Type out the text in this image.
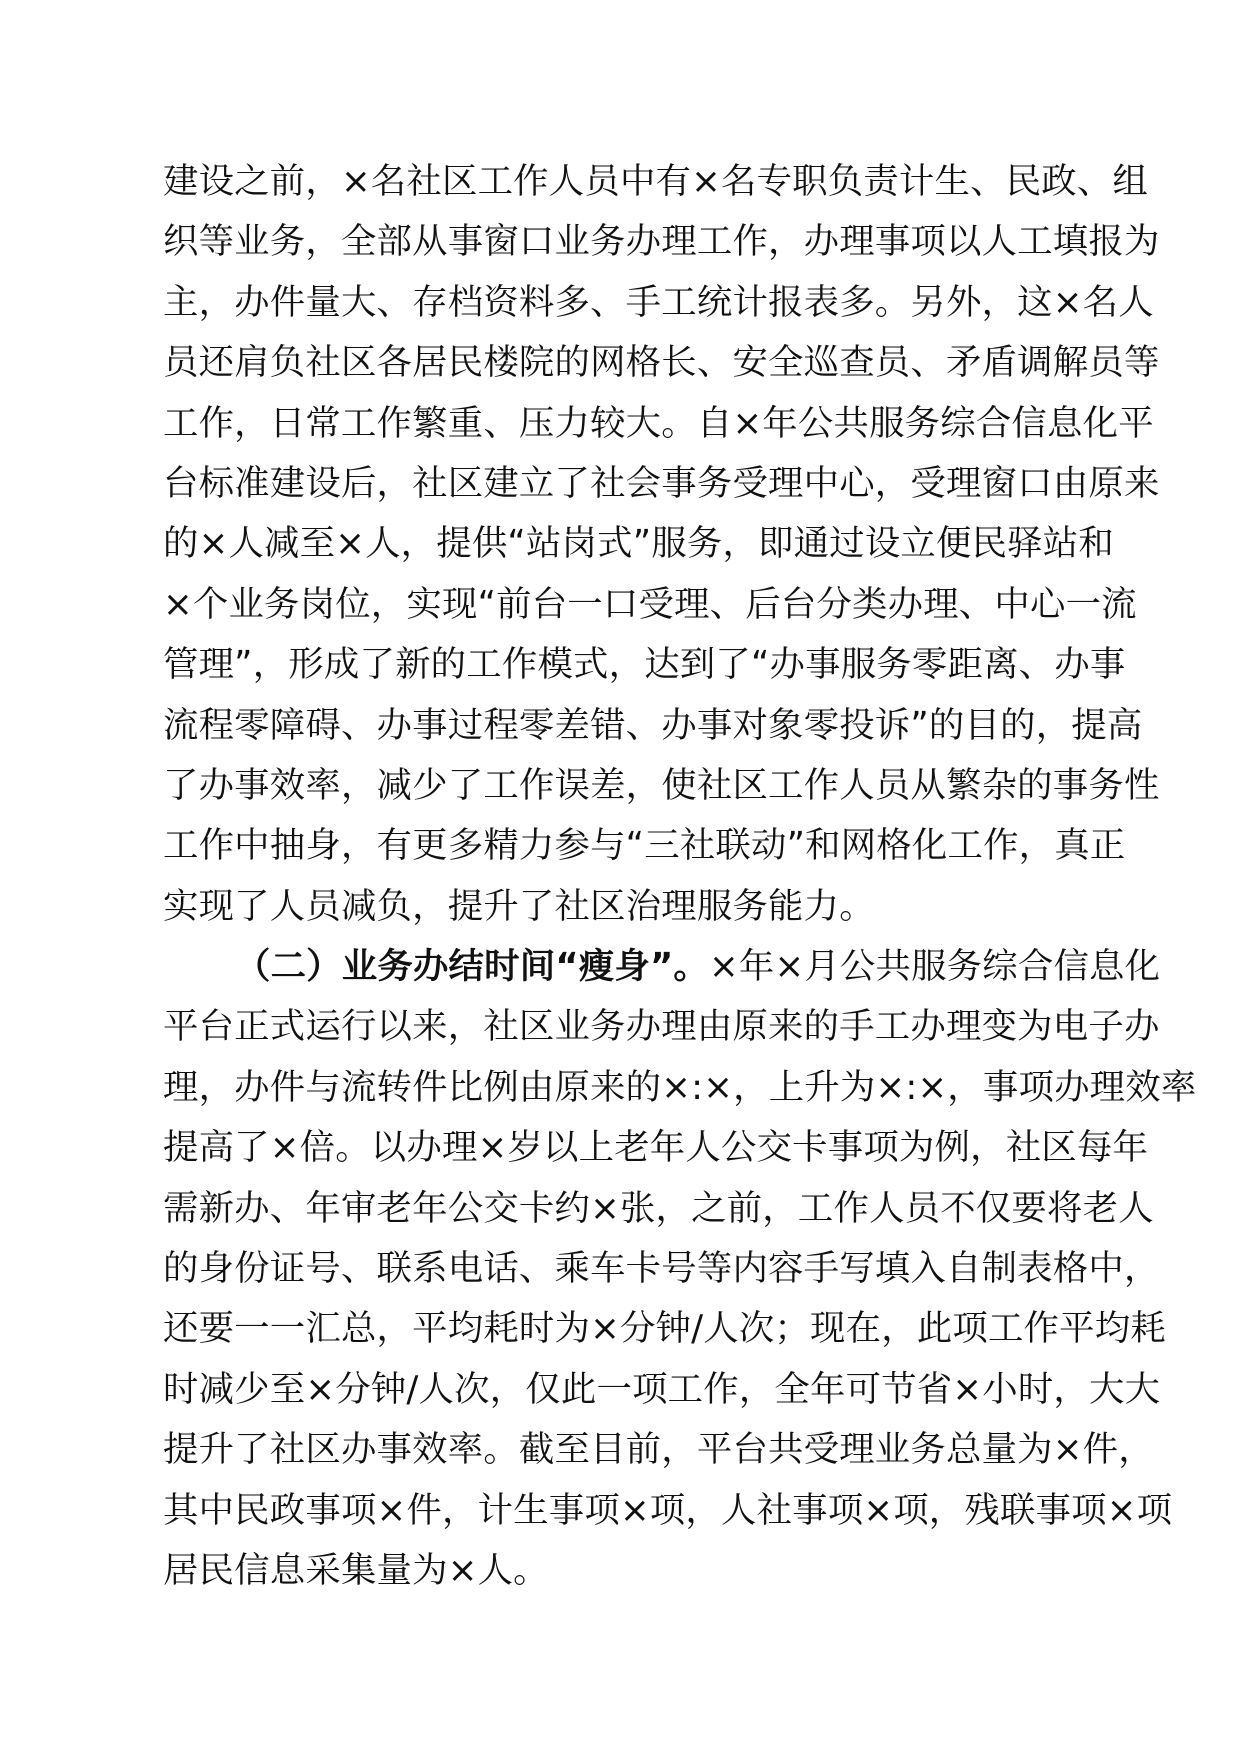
建设之前，×名社区工作人员中有×名专职负责计生、民政、组
织等业务，全部从事窗口业务办理工作，办理事项以人工填报为
主，办件量大、存档资料多、手工统计报表多。另外，这×名人
员还肩负社区各居民楼院的网格长、安全巡查员、矛盾调解员等
工作，日常工作繁重、压力较大。自×年公共服务综合信息化平
台标准建设后，社区建立了社会事务受理中心，受理窗口由原来
的×人减至×人，提供“站岗式”服务，即通过设立便民驿站和
×个业务岗位，实现“前台一口受理、后台分类办理、中心一流
管理”，形成了新的工作模式，达到了“办事服务零距离、办事
流程零障碍、办事过程零差错、办事对象零投诉”的目的，提高
了办事效率，减少了工作误差，使社区工作人员从繁杂的事务性
工作中抽身，有更多精力参与“三社联动”和网格化工作，真正
实现了人员减负，提升了社区治理服务能力。
（二）业务办结时间“瘦身”。×年×月公共服务综合信息化
平台正式运行以来，社区业务办理由原来的手工办理变为电子办
理，办件与流转件比例由原来的×:×，上升为×:×，事项办理效率
提高了×倍。以办理×岁以上老年人公交卡事项为例，社区每年
需新办、年审老年公交卡约×张，之前，工作人员不仅要将老人
的身份证号、联系电话、乘车卡号等内容手写填入自制表格中，
还要一一汇总，平均耗时为×分钟/人次；现在，此项工作平均耗
时减少至×分钟/人次，仅此一项工作，全年可节省×小时，大大
提升了社区办事效率。截至目前，平台共受理业务总量为×件，
其中民政事项×件，计生事项×项，人社事项×项，残联事项×项
居民信息采集量为×人。
